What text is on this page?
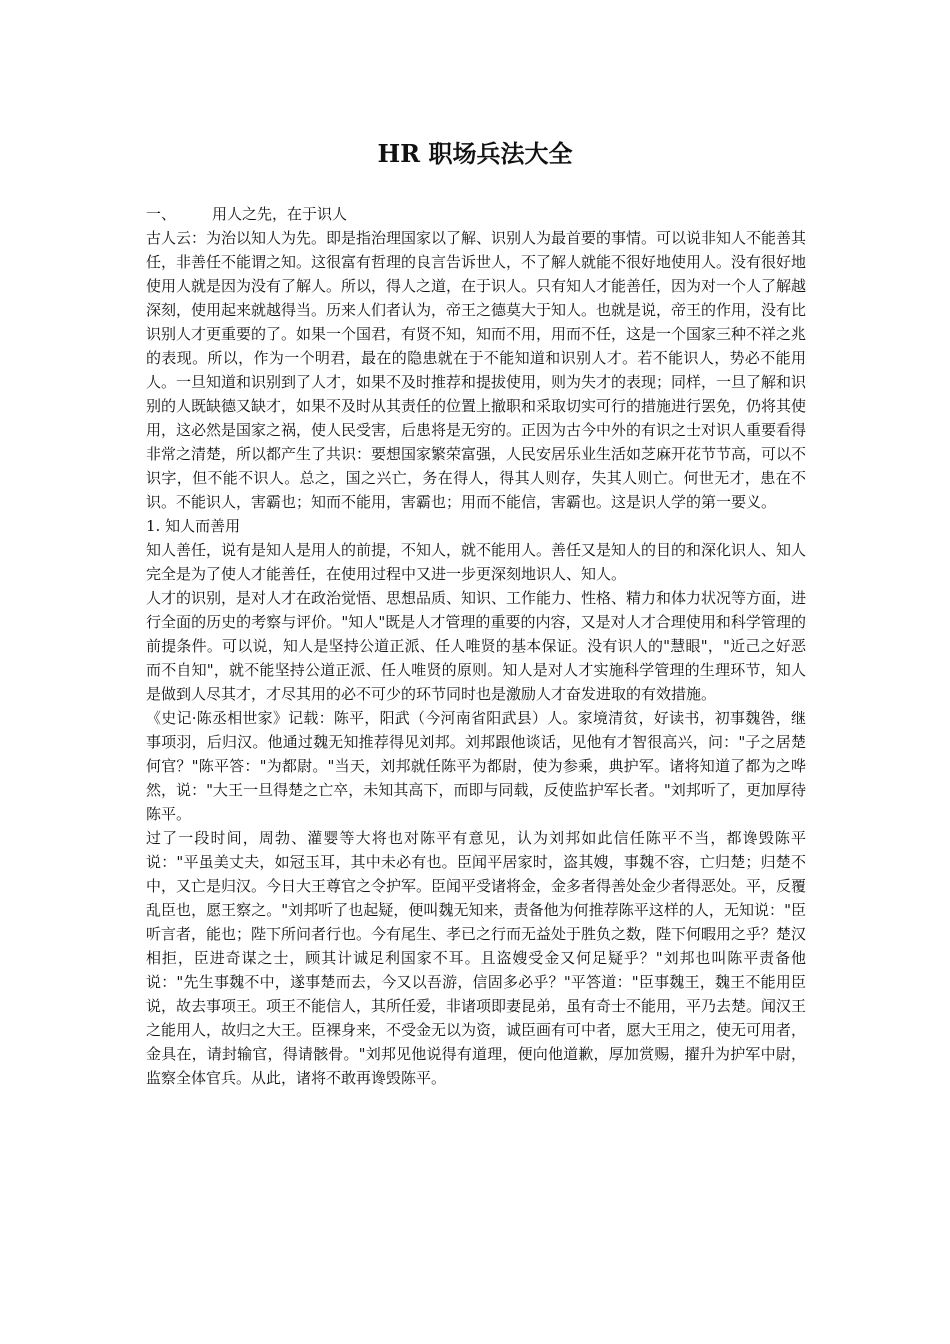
HR 职场兵法大全

一、 用人之先，在于识人

古人云：为治以知人为先。即是指治理国家以了解、识别人为最首要的事情。可以说非知人不能善其任，非善任不能谓之知。这很富有哲理的良言告诉世人，不了解人就能不很好地使用人。没有很好地使用人就是因为没有了解人。所以，得人之道，在于识人。只有知人才能善任，因为对一个人了解越深刻，使用起来就越得当。历来人们者认为，帝王之德莫大于知人。也就是说，帝王的作用，没有比识别人才更重要的了。如果一个国君，有贤不知，知而不用，用而不任，这是一个国家三种不祥之兆的表现。所以，作为一个明君，最在的隐患就在于不能知道和识别人才。若不能识人，势必不能用人。一旦知道和识别到了人才，如果不及时推荐和提拔使用，则为失才的表现；同样，一旦了解和识别的人既缺德又缺才，如果不及时从其责任的位置上撤职和采取切实可行的措施进行罢免，仍将其使用，这必然是国家之祸，使人民受害，后患将是无穷的。正因为古今中外的有识之士对识人重要看得非常之清楚，所以都产生了共识：要想国家繁荣富强，人民安居乐业生活如芝麻开花节节高，可以不识字，但不能不识人。总之，国之兴亡，务在得人，得其人则存，失其人则亡。何世无才，患在不识。不能识人，害霸也；知而不能用，害霸也；用而不能信，害霸也。这是识人学的第一要义。

1. 知人而善用

知人善任，说有是知人是用人的前提，不知人，就不能用人。善任又是知人的目的和深化识人、知人完全是为了使人才能善任，在使用过程中又进一步更深刻地识人、知人。

人才的识别，是对人才在政治觉悟、思想品质、知识、工作能力、性格、精力和体力状况等方面，进行全面的历史的考察与评价。"知人"既是人才管理的重要的内容，又是对人才合理使用和科学管理的前提条件。可以说，知人是坚持公道正派、任人唯贤的基本保证。没有识人的"慧眼"，"近己之好恶而不自知"，就不能坚持公道正派、任人唯贤的原则。知人是对人才实施科学管理的生理环节，知人是做到人尽其才，才尽其用的必不可少的环节同时也是激励人才奋发进取的有效措施。

《史记·陈丞相世家》记载：陈平，阳武（今河南省阳武县）人。家境清贫，好读书，初事魏咎，继事项羽，后归汉。他通过魏无知推荐得见刘邦。刘邦跟他谈话，见他有才智很高兴，问："子之居楚何官？"陈平答："为都尉。"当天，刘邦就任陈平为都尉，使为参乘，典护军。诸将知道了都为之哗然，说："大王一旦得楚之亡卒，未知其高下，而即与同载，反使监护军长者。"刘邦听了，更加厚待陈平。

过了一段时间，周勃、灌婴等大将也对陈平有意见，认为刘邦如此信任陈平不当，都谗毁陈平说："平虽美丈夫，如冠玉耳，其中未必有也。臣闻平居家时，盗其嫂，事魏不容，亡归楚；归楚不中，又亡是归汉。今日大王尊官之令护军。臣闻平受诸将金，金多者得善处金少者得恶处。平，反覆乱臣也，愿王察之。"刘邦听了也起疑，便叫魏无知来，责备他为何推荐陈平这样的人，无知说："臣听言者，能也；陛下所问者行也。今有尾生、孝已之行而无益处于胜负之数，陛下何暇用之乎？楚汉相拒，臣进奇谋之士，顾其计诚足利国家不耳。且盗嫂受金又何足疑乎？"刘邦也叫陈平责备他说："先生事魏不中，遂事楚而去，今又以吾游，信固多必乎？"平答道："臣事魏王，魏王不能用臣说，故去事项王。项王不能信人，其所任爱，非诸项即妻昆弟，虽有奇士不能用，平乃去楚。闻汉王之能用人，故归之大王。臣裸身来，不受金无以为资，诚臣画有可中者，愿大王用之，使无可用者，金具在，请封输官，得请骸骨。"刘邦见他说得有道理，便向他道歉，厚加赏赐，擢升为护军中尉，监察全体官兵。从此，诸将不敢再谗毁陈平。
